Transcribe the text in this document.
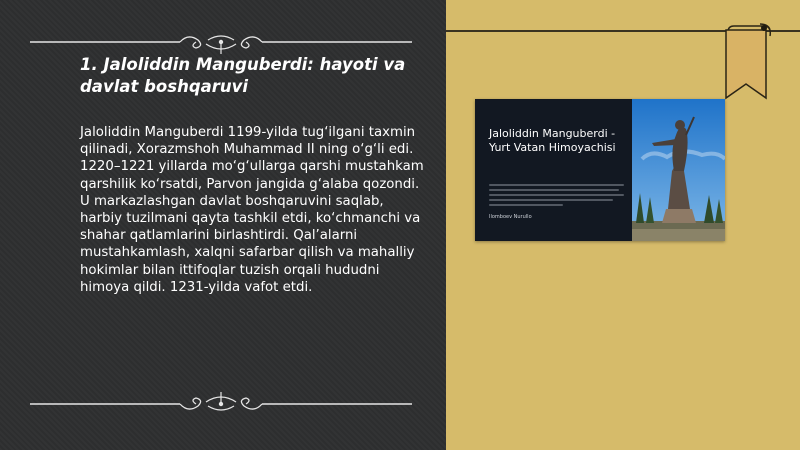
1. Jaloliddin Manguberdi: hayoti va davlat boshqaruvi
Jaloliddin Manguberdi 1199-yilda tug‘ilgani taxmin qilinadi, Xorazmshoh Muhammad II ning o‘g‘li edi. 1220–1221 yillarda mo‘g‘ullarga qarshi mustahkam qarshilik ko‘rsatdi, Parvon jangida g‘alaba qozondi. U markazlashgan davlat boshqaruvini saqlab, harbiy tuzilmani qayta tashkil etdi, ko‘chmanchi va shahar qatlamlarini birlashtirdi. Qal’alarni mustahkamlash, xalqni safarbar qilish va mahalliy hokimlar bilan ittifoqlar tuzish orqali hududni himoya qildi. 1231-yilda vafot etdi.
Jaloliddin Manguberdi - Yurt Vatan Himoyachisi
Ilomboev Nurullo
